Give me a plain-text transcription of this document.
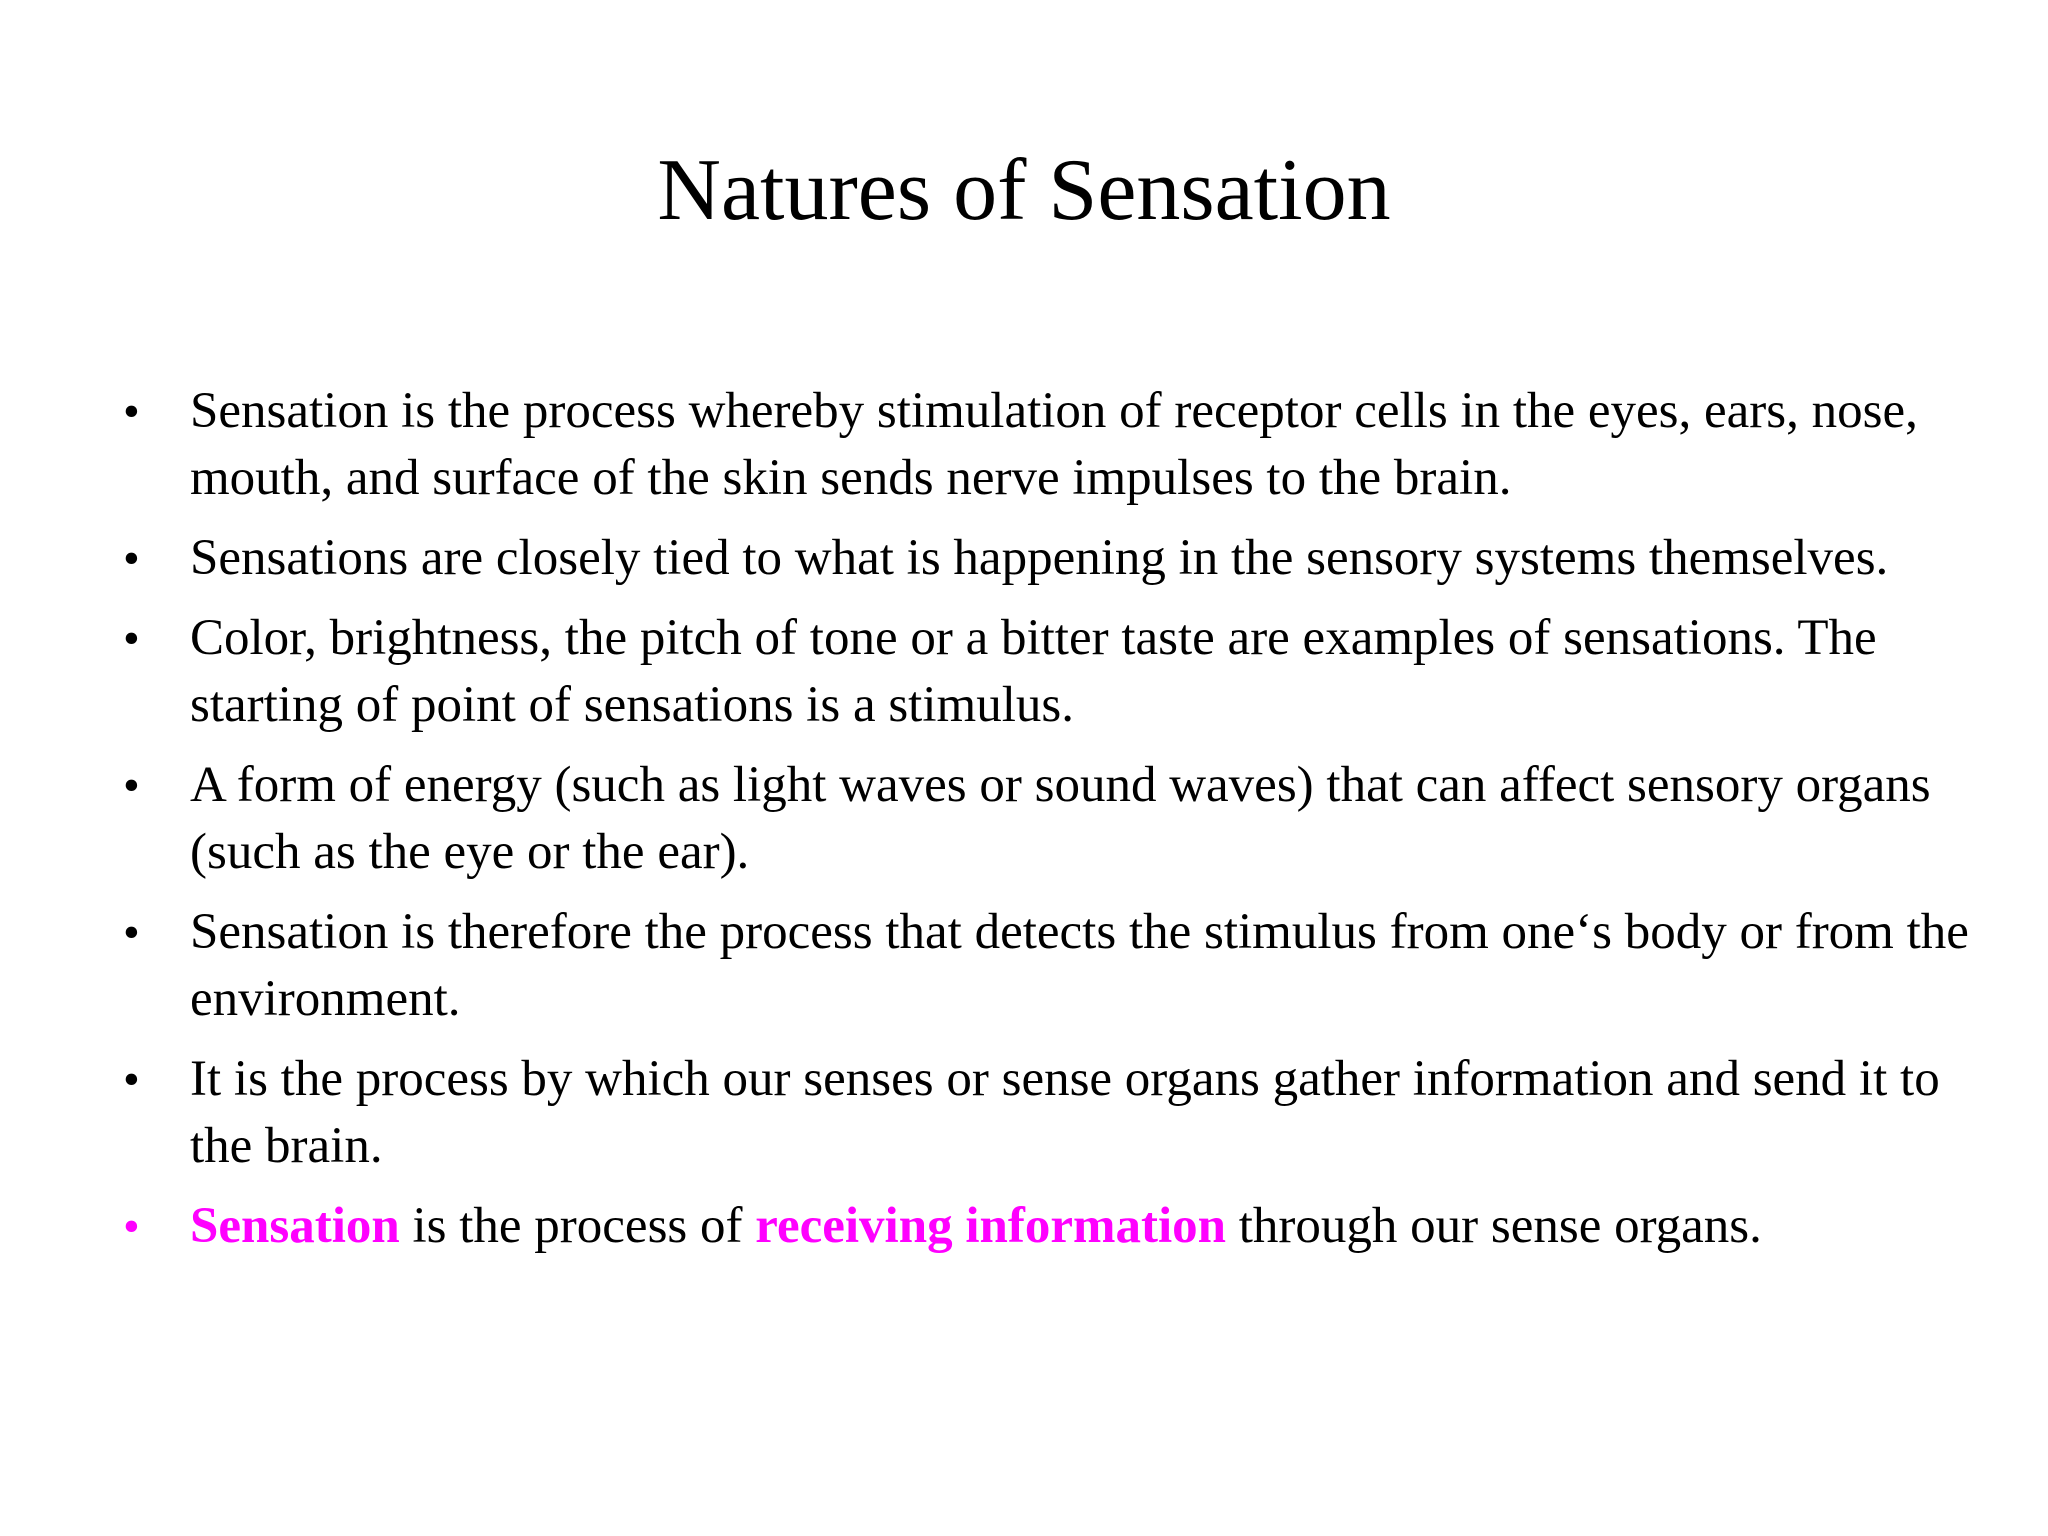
Natures of Sensation
• Sensation is the process whereby stimulation of receptor cells in the eyes, ears, nose, mouth, and surface of the skin sends nerve impulses to the brain.
• Sensations are closely tied to what is happening in the sensory systems themselves.
• Color, brightness, the pitch of tone or a bitter taste are examples of sensations. The starting of point of sensations is a stimulus.
• A form of energy (such as light waves or sound waves) that can affect sensory organs (such as the eye or the ear).
• Sensation is therefore the process that detects the stimulus from one‘s body or from the environment.
• It is the process by which our senses or sense organs gather information and send it to the brain.
• Sensation is the process of receiving information through our sense organs.
